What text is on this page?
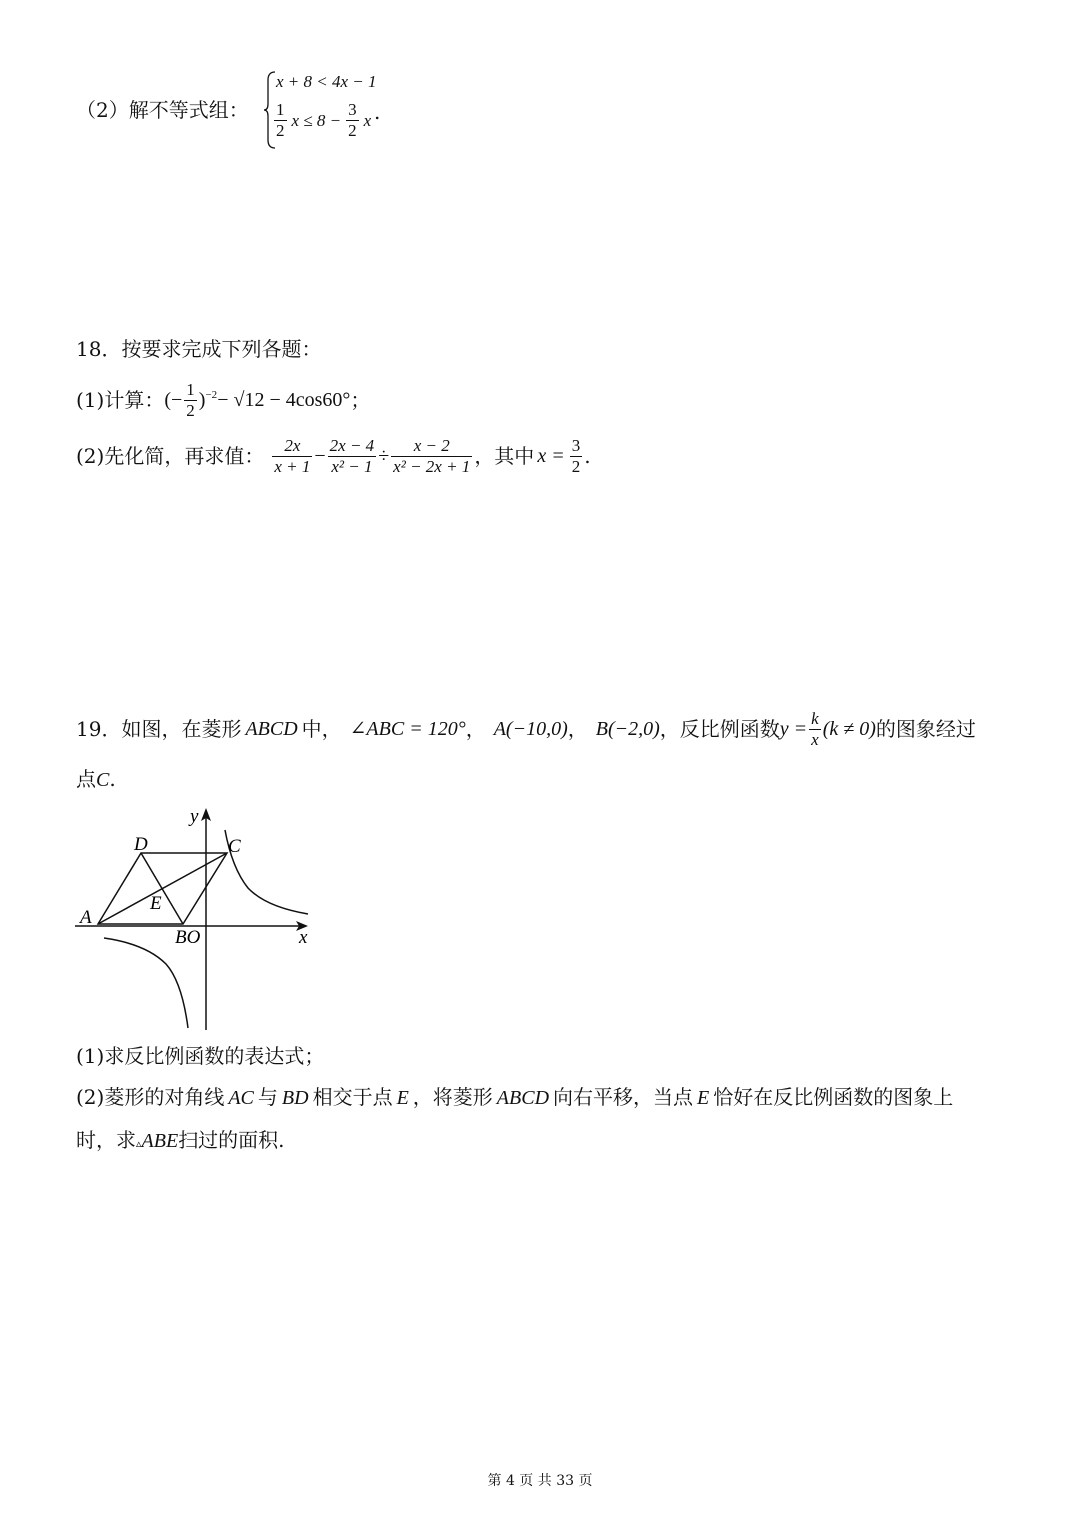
（2）解不等式组：
x + 8 < 4x − 1
$\frac{1}{2}$ $x \le 8 - \frac{3}{2}$ x .
18．按要求完成下列各题：
(1)计算： (− $\frac{1}{2}$ ) −2 − √12 − 4cos60° ；
(2)先化简，再求值： $\frac{2x}{x + 1} - \frac{2x - 4}{\text{x² − 1}} \div \frac{x - 2}{\text{x² − 2x + 1}}$ ，其中 $x = \frac{3}{2}$ .
19．如图，在菱形 ABCD 中， ∠ABC = 120° ， A(−10,0) ， B(−2,0) ，反比例函数 $y = \frac{k}{x} (k \ne 0)$ 的图象经过
点C.
y
x
D	C
A
E
BO
(1)求反比例函数的表达式；
(2)菱形的对角线 AC 与 BD 相交于点 E ，将菱形 ABCD 向右平移，当点 E 恰好在反比例函数的图象上
时，求▵ABE扫过的面积.
第 4 页 共 33 页
